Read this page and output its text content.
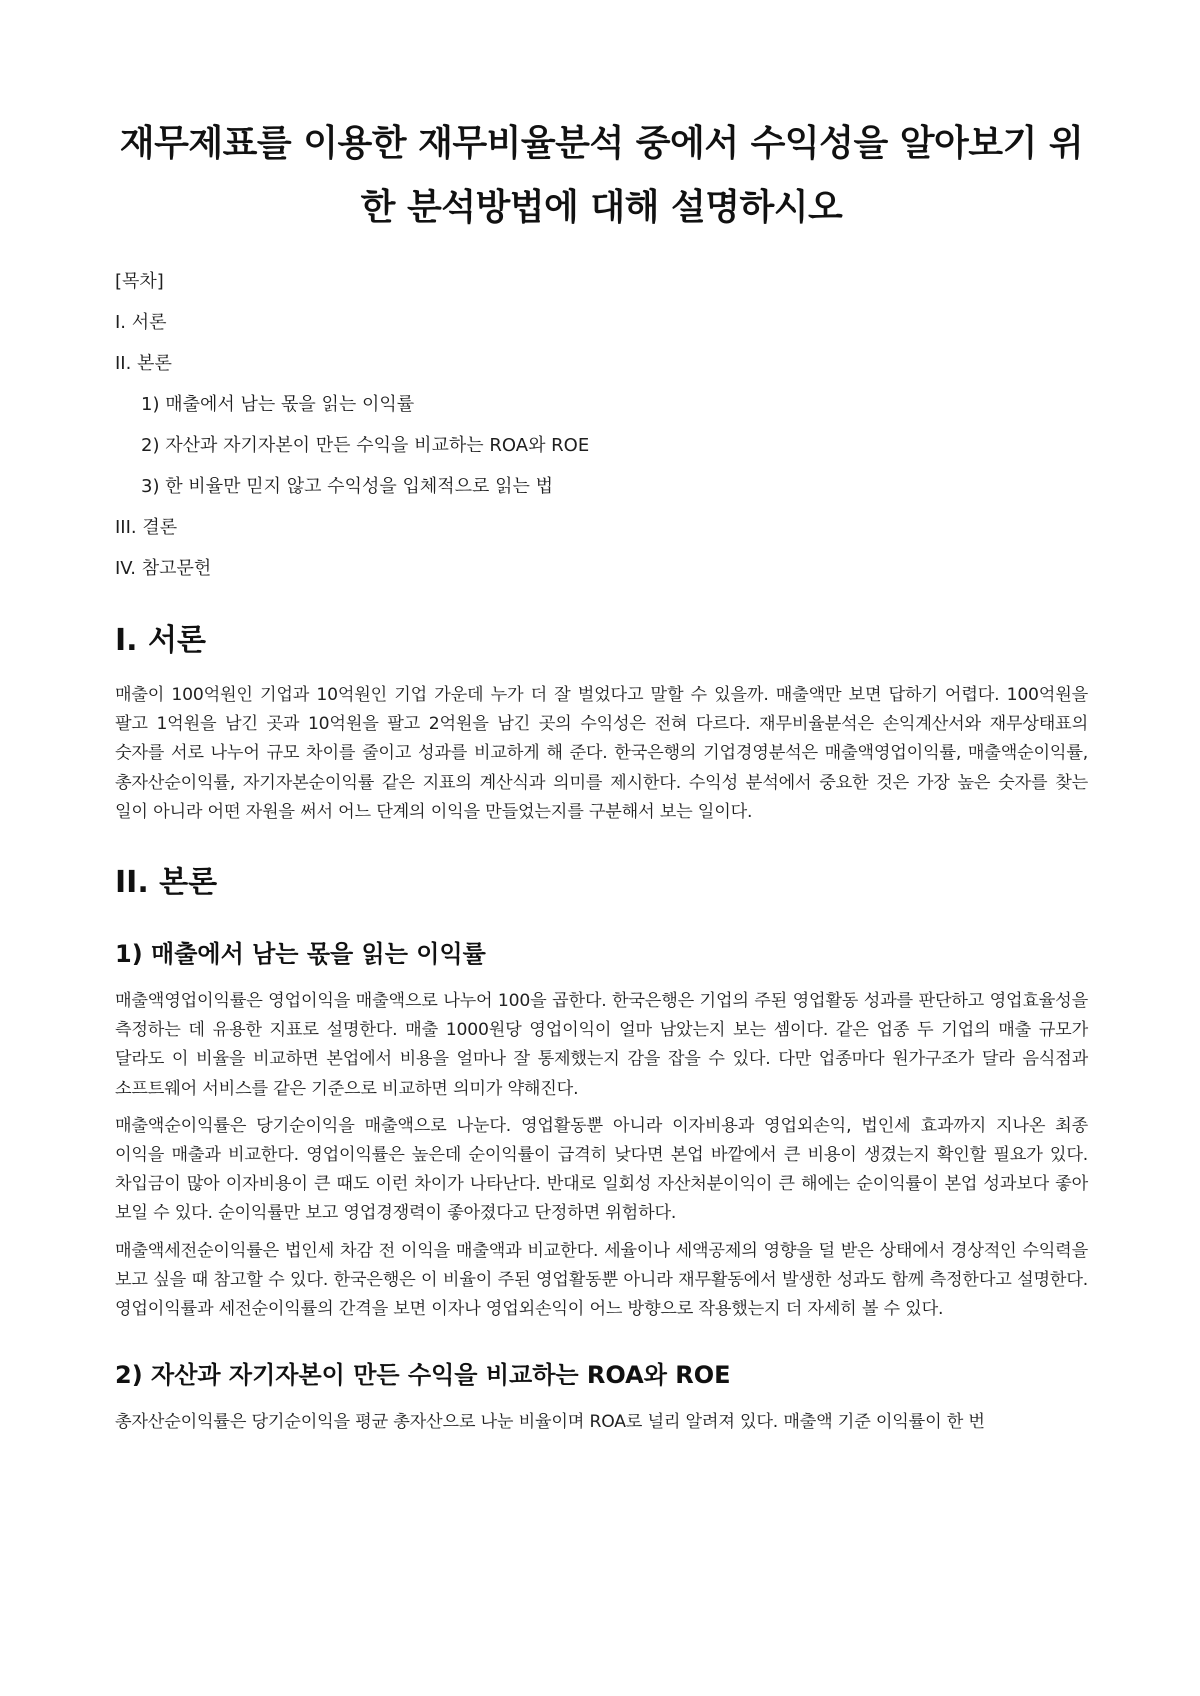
재무제표를 이용한 재무비율분석 중에서 수익성을 알아보기 위한 분석방법에 대해 설명하시오
[목차]
I. 서론
II. 본론
1) 매출에서 남는 몫을 읽는 이익률
2) 자산과 자기자본이 만든 수익을 비교하는 ROA와 ROE
3) 한 비율만 믿지 않고 수익성을 입체적으로 읽는 법
III. 결론
IV. 참고문헌
I. 서론

매출이 100억원인 기업과 10억원인 기업 가운데 누가 더 잘 벌었다고 말할 수 있을까. 매출액만 보면 답하기 어렵다. 100억원을 팔고 1억원을 남긴 곳과 10억원을 팔고 2억원을 남긴 곳의 수익성은 전혀 다르다. 재무비율분석은 손익계산서와 재무상태표의 숫자를 서로 나누어 규모 차이를 줄이고 성과를 비교하게 해 준다. 한국은행의 기업경영분석은 매출액영업이익률, 매출액순이익률, 총자산순이익률, 자기자본순이익률 같은 지표의 계산식과 의미를 제시한다. 수익성 분석에서 중요한 것은 가장 높은 숫자를 찾는 일이 아니라 어떤 자원을 써서 어느 단계의 이익을 만들었는지를 구분해서 보는 일이다.

II. 본론
1) 매출에서 남는 몫을 읽는 이익률

매출액영업이익률은 영업이익을 매출액으로 나누어 100을 곱한다. 한국은행은 기업의 주된 영업활동 성과를 판단하고 영업효율성을 측정하는 데 유용한 지표로 설명한다. 매출 1000원당 영업이익이 얼마 남았는지 보는 셈이다. 같은 업종 두 기업의 매출 규모가 달라도 이 비율을 비교하면 본업에서 비용을 얼마나 잘 통제했는지 감을 잡을 수 있다. 다만 업종마다 원가구조가 달라 음식점과 소프트웨어 서비스를 같은 기준으로 비교하면 의미가 약해진다.

매출액순이익률은 당기순이익을 매출액으로 나눈다. 영업활동뿐 아니라 이자비용과 영업외손익, 법인세 효과까지 지나온 최종 이익을 매출과 비교한다. 영업이익률은 높은데 순이익률이 급격히 낮다면 본업 바깥에서 큰 비용이 생겼는지 확인할 필요가 있다. 차입금이 많아 이자비용이 큰 때도 이런 차이가 나타난다. 반대로 일회성 자산처분이익이 큰 해에는 순이익률이 본업 성과보다 좋아 보일 수 있다. 순이익률만 보고 영업경쟁력이 좋아졌다고 단정하면 위험하다.

매출액세전순이익률은 법인세 차감 전 이익을 매출액과 비교한다. 세율이나 세액공제의 영향을 덜 받은 상태에서 경상적인 수익력을 보고 싶을 때 참고할 수 있다. 한국은행은 이 비율이 주된 영업활동뿐 아니라 재무활동에서 발생한 성과도 함께 측정한다고 설명한다. 영업이익률과 세전순이익률의 간격을 보면 이자나 영업외손익이 어느 방향으로 작용했는지 더 자세히 볼 수 있다.

2) 자산과 자기자본이 만든 수익을 비교하는 ROA와 ROE

총자산순이익률은 당기순이익을 평균 총자산으로 나눈 비율이며 ROA로 널리 알려져 있다. 매출액 기준 이익률이 한 번
